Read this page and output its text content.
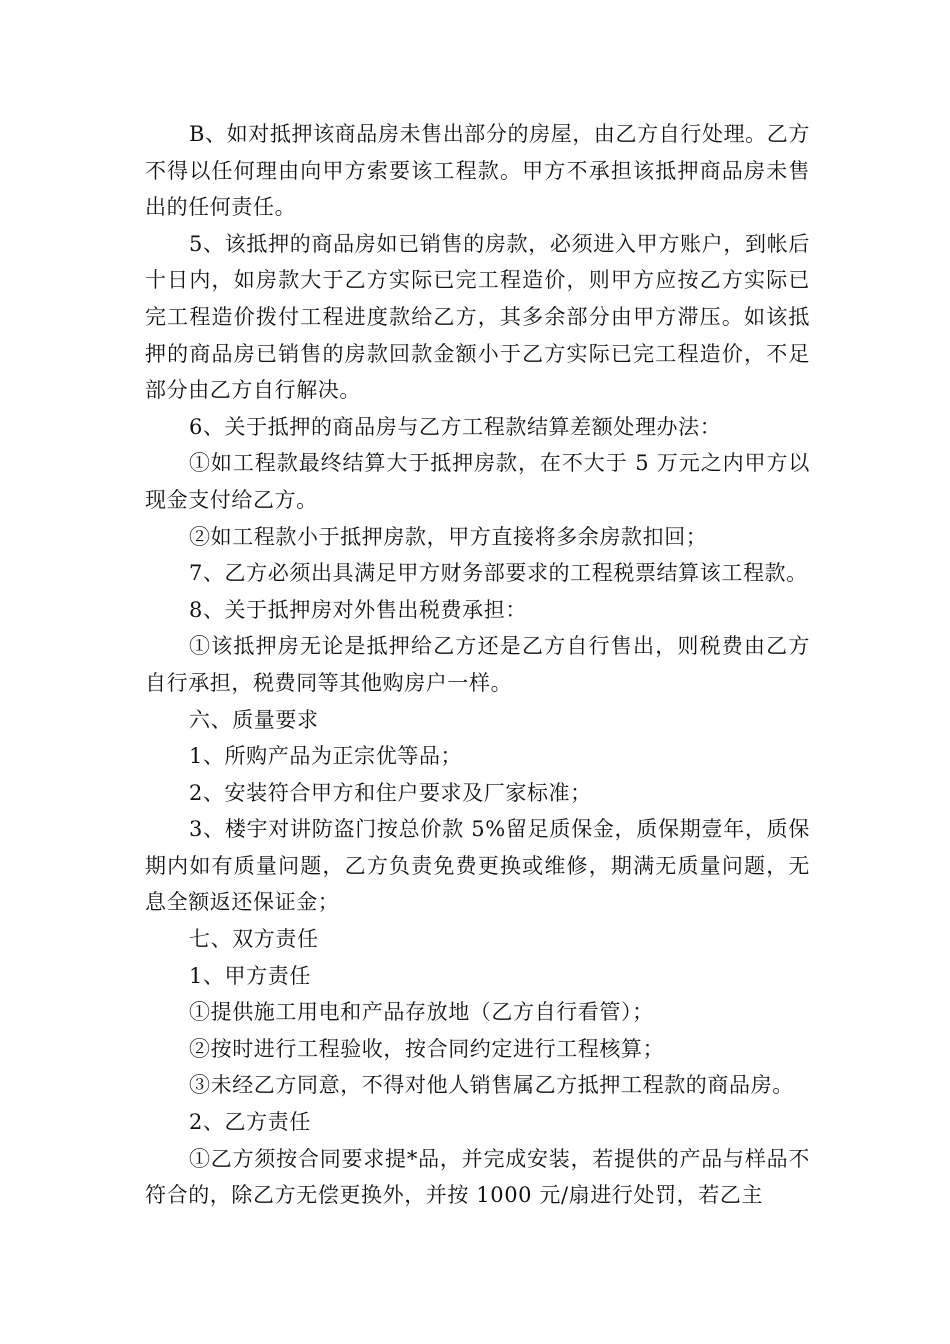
B、如对抵押该商品房未售出部分的房屋，由乙方自行处理。乙方不得以任何理由向甲方索要该工程款。甲方不承担该抵押商品房未售出的任何责任。

5、该抵押的商品房如已销售的房款，必须进入甲方账户，到帐后十日内，如房款大于乙方实际已完工程造价，则甲方应按乙方实际已完工程造价拨付工程进度款给乙方，其多余部分由甲方滞压。如该抵押的商品房已销售的房款回款金额小于乙方实际已完工程造价，不足部分由乙方自行解决。

6、关于抵押的商品房与乙方工程款结算差额处理办法：

①如工程款最终结算大于抵押房款，在不大于 5 万元之内甲方以现金支付给乙方。

②如工程款小于抵押房款，甲方直接将多余房款扣回；

7、乙方必须出具满足甲方财务部要求的工程税票结算该工程款。

8、关于抵押房对外售出税费承担：

①该抵押房无论是抵押给乙方还是乙方自行售出，则税费由乙方自行承担，税费同等其他购房户一样。

六、质量要求

1、所购产品为正宗优等品；

2、安装符合甲方和住户要求及厂家标准；

3、楼宇对讲防盗门按总价款 5%留足质保金，质保期壹年，质保期内如有质量问题，乙方负责免费更换或维修，期满无质量问题，无息全额返还保证金；

七、双方责任

1、甲方责任

①提供施工用电和产品存放地（乙方自行看管）；

②按时进行工程验收，按合同约定进行工程核算；

③未经乙方同意，不得对他人销售属乙方抵押工程款的商品房。

2、乙方责任

①乙方须按合同要求提*品，并完成安装，若提供的产品与样品不符合的，除乙方无偿更换外，并按 1000 元/扇进行处罚，若乙主
